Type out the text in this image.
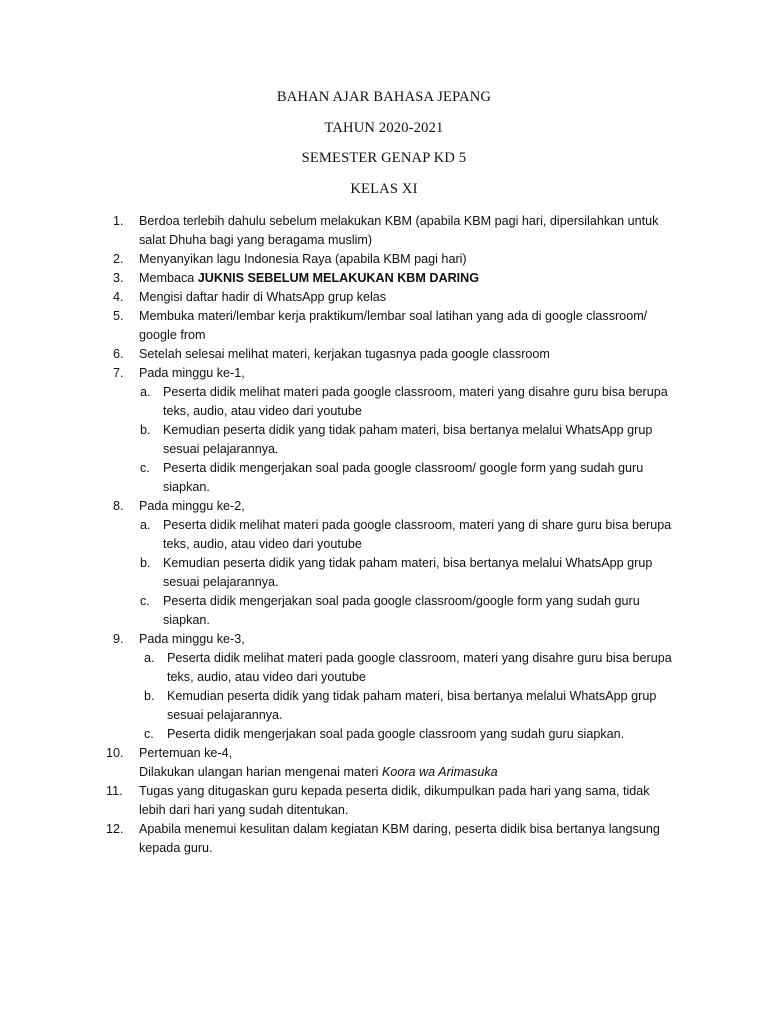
BAHAN AJAR BAHASA JEPANG
TAHUN 2020-2021
SEMESTER GENAP KD 5
KELAS XI
1.	Berdoa terlebih dahulu sebelum melakukan KBM (apabila KBM pagi hari, dipersilahkan untuk salat Dhuha bagi yang beragama muslim)
2.	Menyanyikan lagu Indonesia Raya (apabila KBM pagi hari)
3.	Membaca JUKNIS SEBELUM MELAKUKAN KBM DARING
4.	Mengisi daftar hadir di WhatsApp grup kelas
5.	Membuka materi/lembar kerja praktikum/lembar soal latihan yang ada di google classroom/ google from
6.	Setelah selesai melihat materi, kerjakan tugasnya pada google classroom
7.	Pada minggu ke-1,
a. Peserta didik melihat materi pada google classroom, materi yang disahre guru bisa berupa teks, audio, atau video dari youtube
b. Kemudian peserta didik yang tidak paham materi, bisa bertanya melalui WhatsApp grup sesuai pelajarannya.
c. Peserta didik mengerjakan soal pada google classroom/ google form yang sudah guru siapkan.
8.	Pada minggu ke-2,
a. Peserta didik melihat materi pada google classroom, materi yang di share guru bisa berupa teks, audio, atau video dari youtube
b. Kemudian peserta didik yang tidak paham materi, bisa bertanya melalui WhatsApp grup sesuai pelajarannya.
c. Peserta didik mengerjakan soal pada google classroom/google form yang sudah guru siapkan.
9.	Pada minggu ke-3,
a. Peserta didik melihat materi pada google classroom, materi yang disahre guru bisa berupa teks, audio, atau video dari youtube
b. Kemudian peserta didik yang tidak paham materi, bisa bertanya melalui WhatsApp grup sesuai pelajarannya.
c. Peserta didik mengerjakan soal pada google classroom yang sudah guru siapkan.
10.	Pertemuan ke-4,
Dilakukan ulangan harian mengenai materi Koora wa Arimasuka
11.	Tugas yang ditugaskan guru kepada peserta didik, dikumpulkan pada hari yang sama, tidak lebih dari hari yang sudah ditentukan.
12.	Apabila menemui kesulitan dalam kegiatan KBM daring, peserta didik bisa bertanya langsung kepada guru.
